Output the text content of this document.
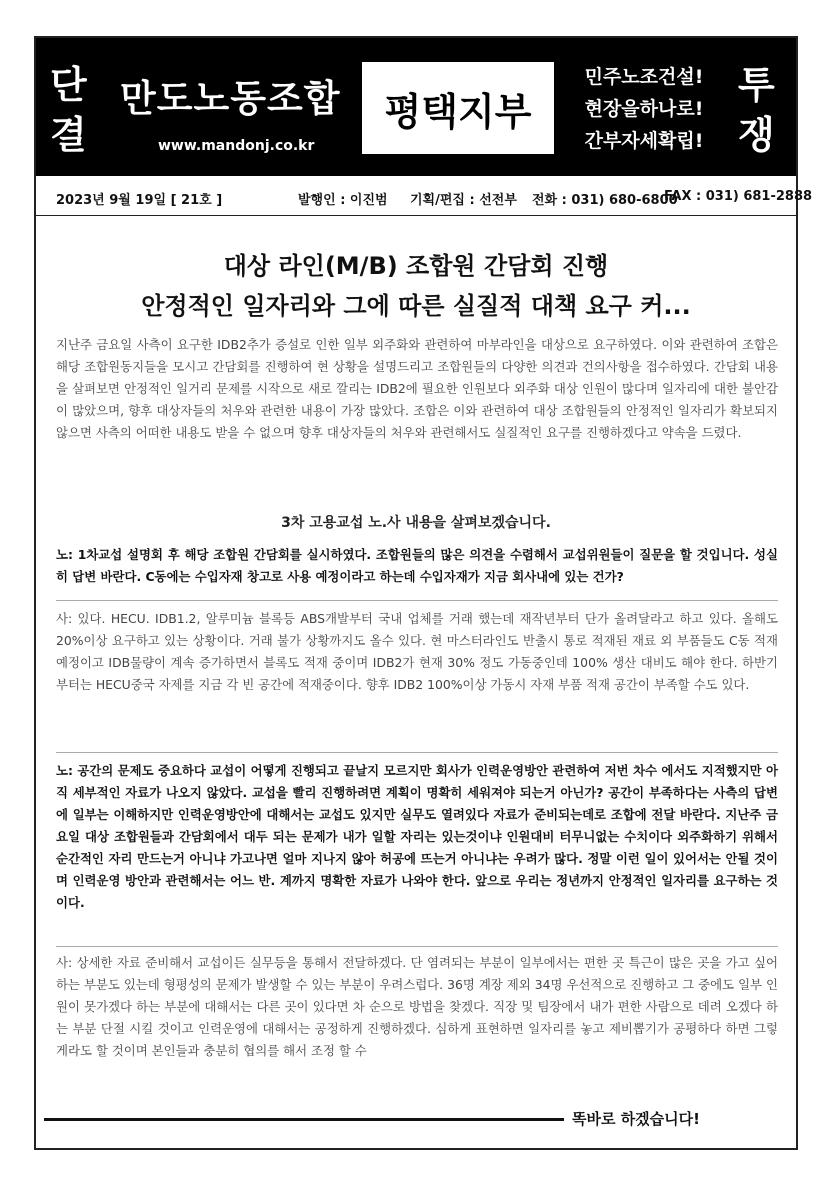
단
결
만도노동조합
www.mandonj.co.kr
평택지부
민주노조건설!
현장을하나로!
간부자세확립!
투
쟁
2023년 9월 19일 [ 21호 ]	발행인 : 이진범 기획/편집 : 선전부 전화 : 031) 680-6800
FAX : 031) 681-2888
대상 라인(M/B) 조합원 간담회 진행
안정적인 일자리와 그에 따른 실질적 대책 요구 커...

지난주 금요일 사측이 요구한 IDB2추가 증설로 인한 일부 외주화와 관련하여 마부라인을 대상으로 요구하였다. 이와 관련하여 조합은 해당 조합원동지들을 모시고 간담회를 진행하여 현 상황을 설명드리고 조합원들의 다양한 의견과 건의사항을 접수하였다. 간담회 내용을 살펴보면 안정적인 일거리 문제를 시작으로 새로 깔리는 IDB2에 필요한 인원보다 외주화 대상 인원이 많다며 일자리에 대한 불안감이 많았으며, 향후 대상자들의 처우와 관련한 내용이 가장 많았다. 조합은 이와 관련하여 대상 조합원들의 안정적인 일자리가 확보되지 않으면 사측의 어떠한 내용도 받을 수 없으며 향후 대상자들의 처우와 관련해서도 실질적인 요구를 진행하겠다고 약속을 드렸다.

3차 고용교섭 노.사 내용을 살펴보겠습니다.

노: 1차교섭 설명회 후 해당 조합원 간담회를 실시하였다. 조합원들의 많은 의견을 수렴해서 교섭위원들이 질문을 할 것입니다. 성실히 답변 바란다. C동에는 수입자재 창고로 사용 예정이라고 하는데 수입자재가 지금 회사내에 있는 건가?

사: 있다. HECU. IDB1.2, 알루미늄 블록등 ABS개발부터 국내 업체를 거래 했는데 재작년부터 단가 올려달라고 하고 있다. 올해도 20%이상 요구하고 있는 상황이다. 거래 불가 상황까지도 올수 있다. 현 마스터라인도 반출시 통로 적재된 재료 외 부품들도 C동 적재 예정이고 IDB물량이 계속 증가하면서 블록도 적재 중이며 IDB2가 현재 30% 정도 가동중인데 100% 생산 대비도 해야 한다. 하반기부터는 HECU중국 자제를 지금 각 빈 공간에 적재중이다. 향후 IDB2 100%이상 가동시 자재 부품 적재 공간이 부족할 수도 있다.

노: 공간의 문제도 중요하다 교섭이 어떻게 진행되고 끝날지 모르지만 회사가 인력운영방안 관련하여 저번 차수 에서도 지적했지만 아직 세부적인 자료가 나오지 않았다. 교섭을 빨리 진행하려면 계획이 명확히 세워져야 되는거 아닌가? 공간이 부족하다는 사측의 답변에 일부는 이해하지만 인력운영방안에 대해서는 교섭도 있지만 실무도 열려있다 자료가 준비되는데로 조합에 전달 바란다. 지난주 금요일 대상 조합원들과 간담회에서 대두 되는 문제가 내가 일할 자리는 있는것이냐 인원대비 터무니없는 수치이다 외주화하기 위해서 순간적인 자리 만드는거 아니냐 가고나면 얼마 지나지 않아 허공에 뜨는거 아니냐는 우려가 많다. 정말 이런 일이 있어서는 안될 것이며 인력운영 방안과 관련해서는 어느 반. 계까지 명확한 자료가 나와야 한다. 앞으로 우리는 정년까지 안정적인 일자리를 요구하는 것이다.

사: 상세한 자료 준비해서 교섭이든 실무등을 통해서 전달하겠다. 단 염려되는 부분이 일부에서는 편한 곳 특근이 많은 곳을 가고 싶어 하는 부분도 있는데 형평성의 문제가 발생할 수 있는 부분이 우려스럽다. 36명 계장 제외 34명 우선적으로 진행하고 그 중에도 일부 인원이 못가겠다 하는 부분에 대해서는 다른 곳이 있다면 차 순으로 방법을 찾겠다. 직장 및 팀장에서 내가 편한 사람으로 데려 오겠다 하는 부분 단절 시킬 것이고 인력운영에 대해서는 공정하게 진행하겠다. 심하게 표현하면 일자리를 놓고 제비뽑기가 공평하다 하면 그렇게라도 할 것이며 본인들과 충분히 협의를 해서 조정 할 수

똑바로 하겠습니다!
